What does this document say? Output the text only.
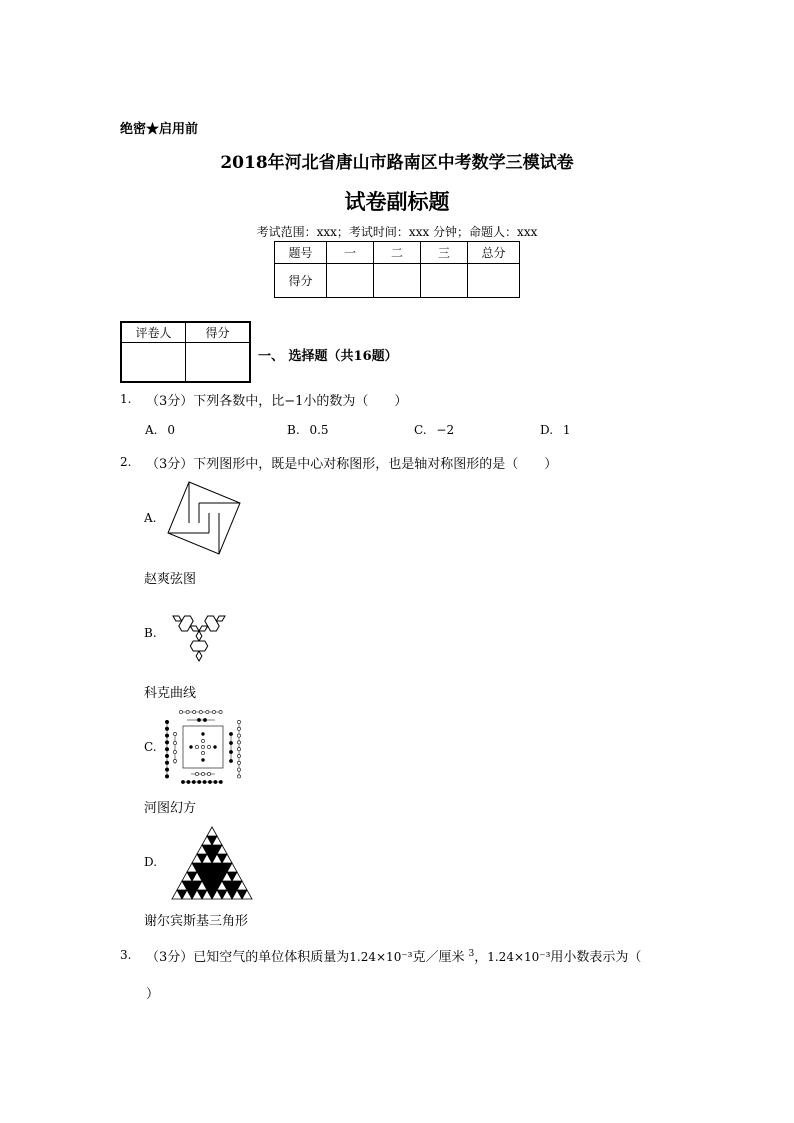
绝密★启用前
2018年河北省唐山市路南区中考数学三模试卷
试卷副标题
考试范围：xxx；考试时间：xxx 分钟；命题人：xxx
题号	一	二	三	总分
得分				
评卷人	得分

一、 选择题（共16题）
1. （3分）下列各数中，比−1小的数为（　　）
A. 0	B. 0.5	C. −2	D. 1
2. （3分）下列图形中，既是中心对称图形，也是轴对称图形的是（　　）
A.
赵爽弦图
B.
科克曲线
C.
河图幻方
D.
谢尔宾斯基三角形
3. （3分）已知空气的单位体积质量为1.24×10⁻³克／厘米 $^3$，1.24×10⁻³用小数表示为（
）
